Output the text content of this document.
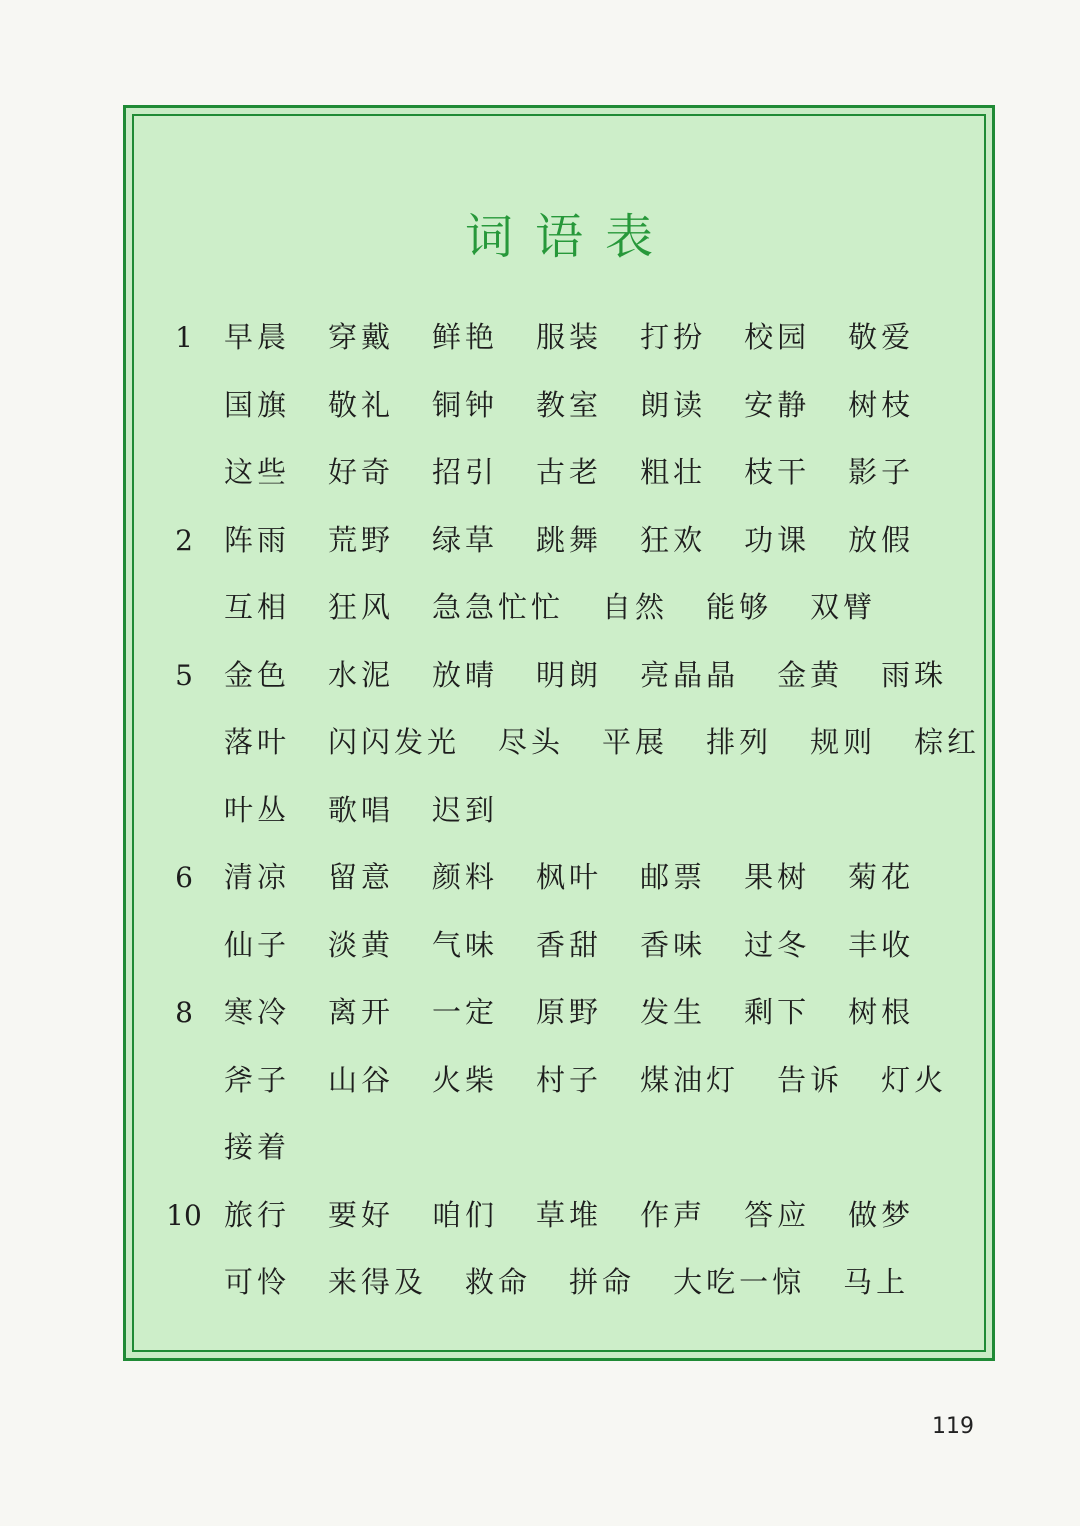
词语表
1	早晨 穿戴 鲜艳 服装 打扮 校园 敬爱
国旗 敬礼 铜钟 教室 朗读 安静 树枝
这些 好奇 招引 古老 粗壮 枝干 影子
2	阵雨 荒野 绿草 跳舞 狂欢 功课 放假
互相 狂风 急急忙忙 自然 能够 双臂
5	金色 水泥 放晴 明朗 亮晶晶 金黄 雨珠
落叶 闪闪发光 尽头 平展 排列 规则 棕红
叶丛 歌唱 迟到
6	清凉 留意 颜料 枫叶 邮票 果树 菊花
仙子 淡黄 气味 香甜 香味 过冬 丰收
8	寒冷 离开 一定 原野 发生 剩下 树根
斧子 山谷 火柴 村子 煤油灯 告诉 灯火
接着
10 旅行 要好 咱们 草堆 作声 答应 做梦
可怜 来得及 救命 拼命 大吃一惊 马上
119
